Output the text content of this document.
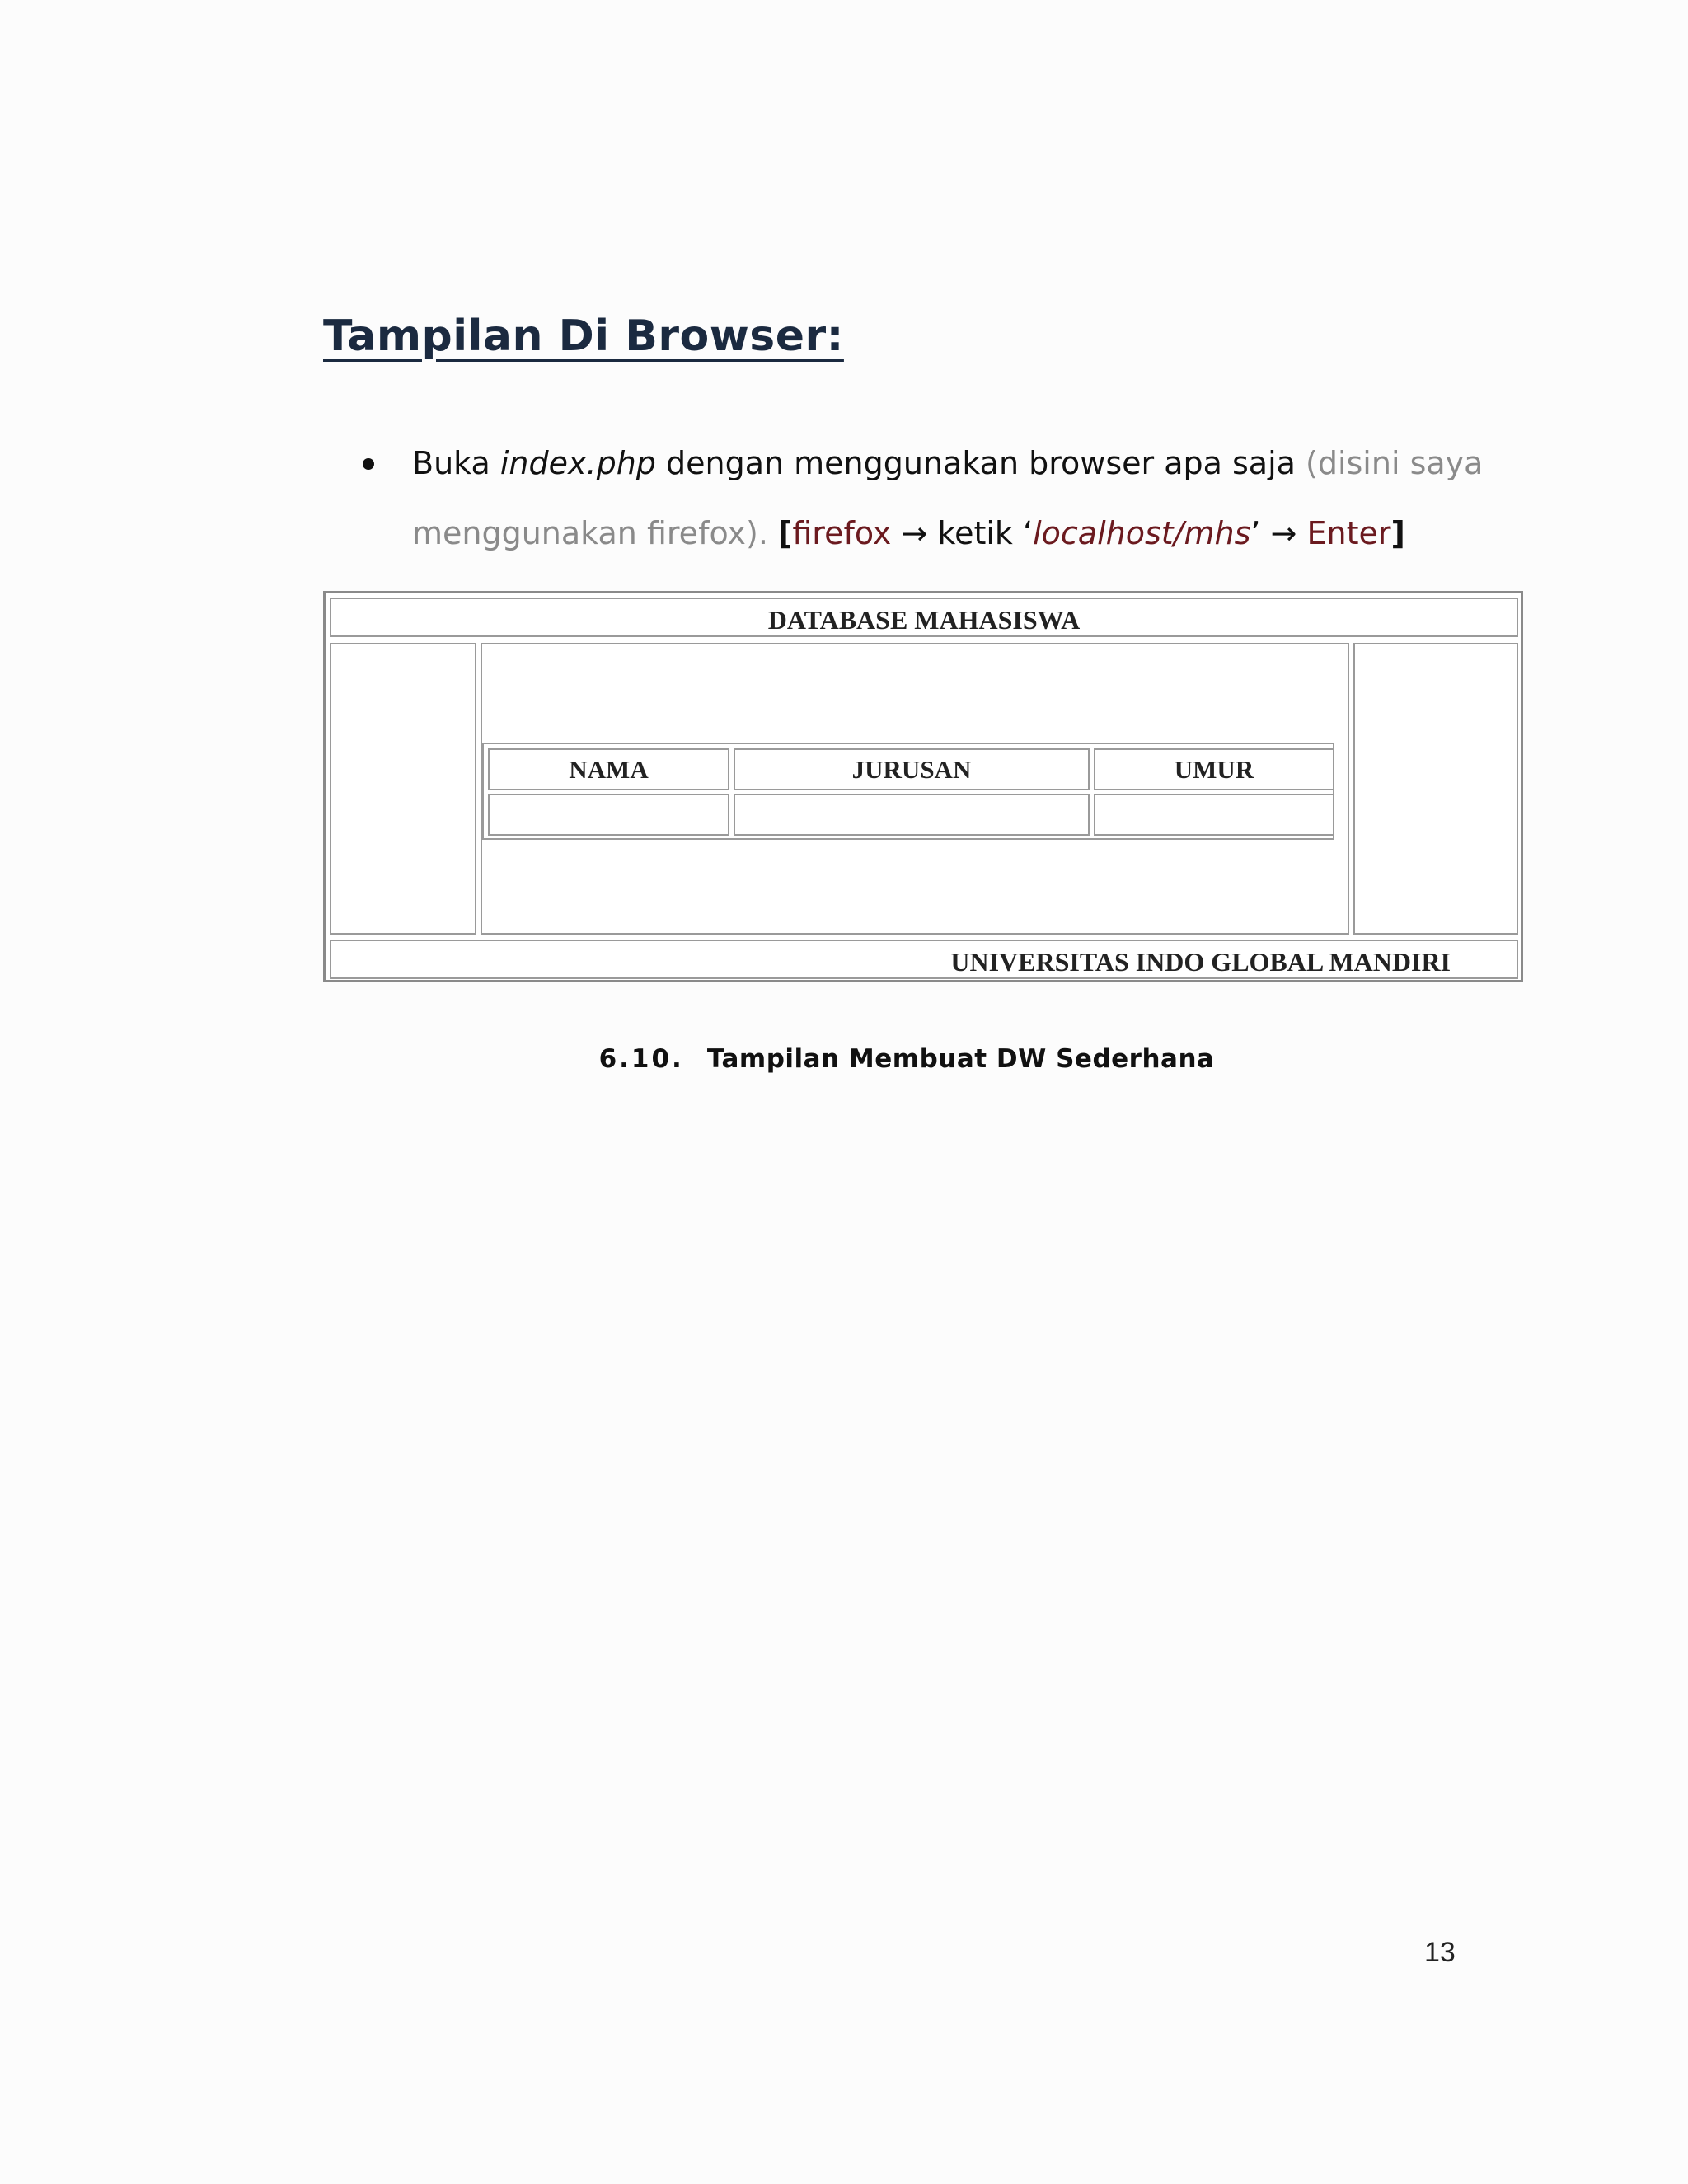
Tampilan Di Browser:
Buka index.php dengan menggunakan browser apa saja (disini saya
menggunakan firefox). [firefox → ketik ‘localhost/mhs’ → Enter]
DATABASE MAHASISWA
NAMA	JURUSAN	UMUR
UNIVERSITAS INDO GLOBAL MANDIRI
6.10. Tampilan Membuat DW Sederhana
13
